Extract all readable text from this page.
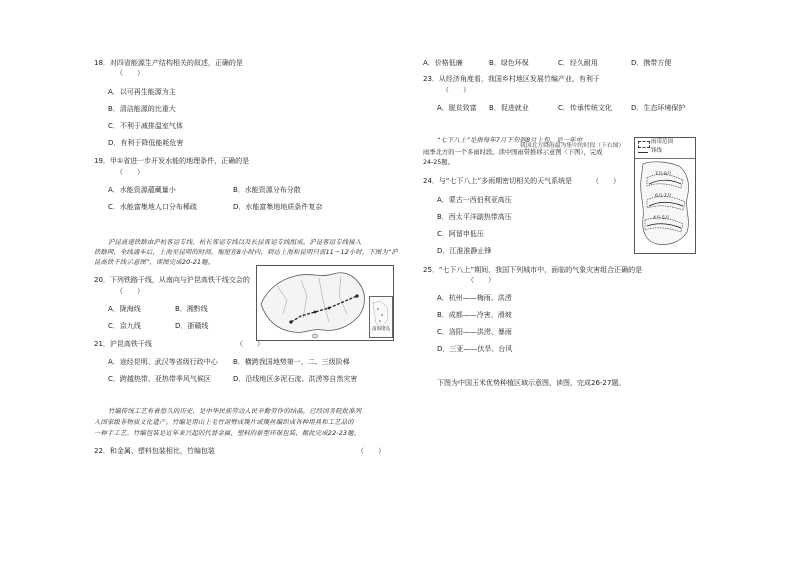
18．对四省能源生产结构相关的叙述，正确的是
（　　）
A．以可再生能源为主
B．清洁能源的比重大
C．不利于减排温室气体
D．有利于降低能耗危害
19．甲①省进一步开发水能的地理条件，正确的是
（　　）
A．水能资源蕴藏量小	B．水能资源分布分散
C．水能富集地人口分布稀疏	D．水能富集地地质条件复杂
沪昆高速铁路由沪杭客运专线、杭长客运专线以及长昆客运专线组成。沪昆客运专线接入
铁路网，全线通车后，上海至昆明的时间，缩短在8小时内，到达上海和昆明只需11～12小时。下图为“沪
昆高铁干线示意图”，读图完成20-21题。
20．下列铁路干线，从南向与沪昆高铁干线交会的
（　　）
A．陇海线	B．湘黔线
C．京九线	D．浙赣线	南海诸岛
21．沪昆高铁干线	（　　）
A．途经昆明、武汉等省级行政中心 B．横跨我国地势第一、二、三级阶梯
C．跨越热带、亚热带季风气候区	D．沿线地区多泥石流、洪涝等自然灾害
竹编传统工艺有着悠久的历史，是中华民族劳动人民辛勤劳作的结晶，已经国务院批准列
入国家级非物质文化遗产。竹编是用山上毛竹剖劈成篾片或篾丝编织成各种用具和工艺品的
一种手工艺。竹编包装是近年来兴起的代替金属、塑料的新型环保包装，据此完成22-23题。
22．和金属、塑料包装相比，竹编包装	（　　）
A．价格低廉	B．绿色环保	C．经久耐用	D．携带方便
23．从经济角度看，我国乡村地区发展竹编产业，有利于
（　　）
A．脱贫致富 B．促进就业	C．传承传统文化	D．生态环境保护
“七下八上”是指每年7月下旬到8月上旬，是一年中
我国北方降雨最为集中的时段（下右图）
雨季北方的一个多雨时段。读中国雨带推移示意图（下图），完成
24-25题。
雨带范围
锋线
7月-8月
6月-7月
4月-5月
24．与“七下八上”多雨期密切相关的天气系统是	（　　）
A．蒙古一西伯利亚高压
B．西太平洋副热带高压
C．阿留申低压
D．江淮准静止锋
25．“七下八上”期间，我国下列城市中，面临的气象灾害组合正确的是
（　　）
A．杭州——梅雨、洪涝
B．成都——冷害、滑坡
C．洛阳——洪涝、暴雨
D．三亚——伏旱、台风
下图为中国玉米优势种植区域示意图，读图，完成26-27题。
